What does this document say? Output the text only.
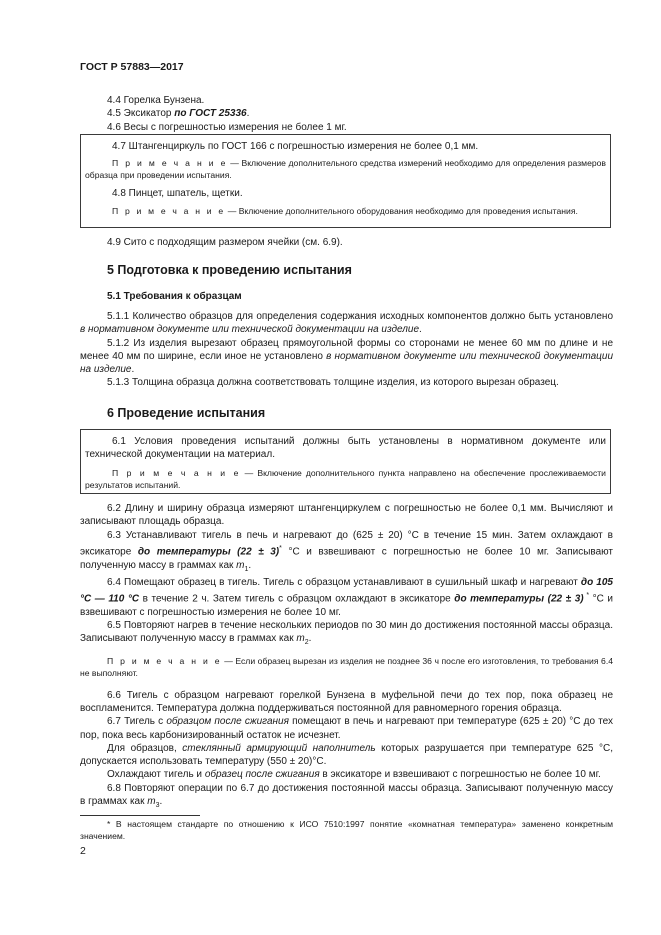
ГОСТ Р 57883—2017

4.4 Горелка Бунзена.

4.5 Эксикатор по ГОСТ 25336.

4.6 Весы с погрешностью измерения не более 1 мг.

4.7 Штангенциркуль по ГОСТ 166 с погрешностью измерения не более 0,1 мм.

П р и м е ч а н и е — Включение дополнительного средства измерений необходимо для определения размеров образца при проведении испытания.

4.8 Пинцет, шпатель, щетки.

П р и м е ч а н и е — Включение дополнительного оборудования необходимо для проведения испытания.

4.9 Сито с подходящим размером ячейки (см. 6.9).

5 Подготовка к проведению испытания
5.1 Требования к образцам

5.1.1 Количество образцов для определения содержания исходных компонентов должно быть установлено в нормативном документе или технической документации на изделие.

5.1.2 Из изделия вырезают образец прямоугольной формы со сторонами не менее 60 мм по длине и не менее 40 мм по ширине, если иное не установлено в нормативном документе или технической документации на изделие.

5.1.3 Толщина образца должна соответствовать толщине изделия, из которого вырезан образец.

6 Проведение испытания

6.1 Условия проведения испытаний должны быть установлены в нормативном документе или технической документации на материал.

П р и м е ч а н и е — Включение дополнительного пункта направлено на обеспечение прослеживаемости результатов испытаний.

6.2 Длину и ширину образца измеряют штангенциркулем с погрешностью не более 0,1 мм. Вычисляют и записывают площадь образца.

6.3 Устанавливают тигель в печь и нагревают до (625 ± 20) °С в течение 15 мин. Затем охлаждают в эксикаторе до температуры (22 ± 3)* °С и взвешивают с погрешностью не более 10 мг. Записывают полученную массу в граммах как $m_1$.

6.4 Помещают образец в тигель. Тигель с образцом устанавливают в сушильный шкаф и нагревают до 105 °С — 110 °С в течение 2 ч. Затем тигель с образцом охлаждают в эксикаторе до температуры (22 ± 3) * °С и взвешивают с погрешностью измерения не более 10 мг.

6.5 Повторяют нагрев в течение нескольких периодов по 30 мин до достижения постоянной массы образца. Записывают полученную массу в граммах как $m_2$.

П р и м е ч а н и е — Если образец вырезан из изделия не позднее 36 ч после его изготовления, то требования 6.4 не выполняют.

6.6 Тигель с образцом нагревают горелкой Бунзена в муфельной печи до тех пор, пока образец не воспламенится. Температура должна поддерживаться постоянной для равномерного горения образца.

6.7 Тигель с образцом после сжигания помещают в печь и нагревают при температуре (625 ± 20) °С до тех пор, пока весь карбонизированный остаток не исчезнет.

Для образцов, стеклянный армирующий наполнитель которых разрушается при температуре 625 °С, допускается использовать температуру (550 ± 20)°С.

Охлаждают тигель и образец после сжигания в эксикаторе и взвешивают с погрешностью не более 10 мг.

6.8 Повторяют операции по 6.7 до достижения постоянной массы образца. Записывают полученную массу в граммах как $m_3$.

* В настоящем стандарте по отношению к ИСО 7510:1997 понятие «комнатная температура» заменено конкретным значением.
2
